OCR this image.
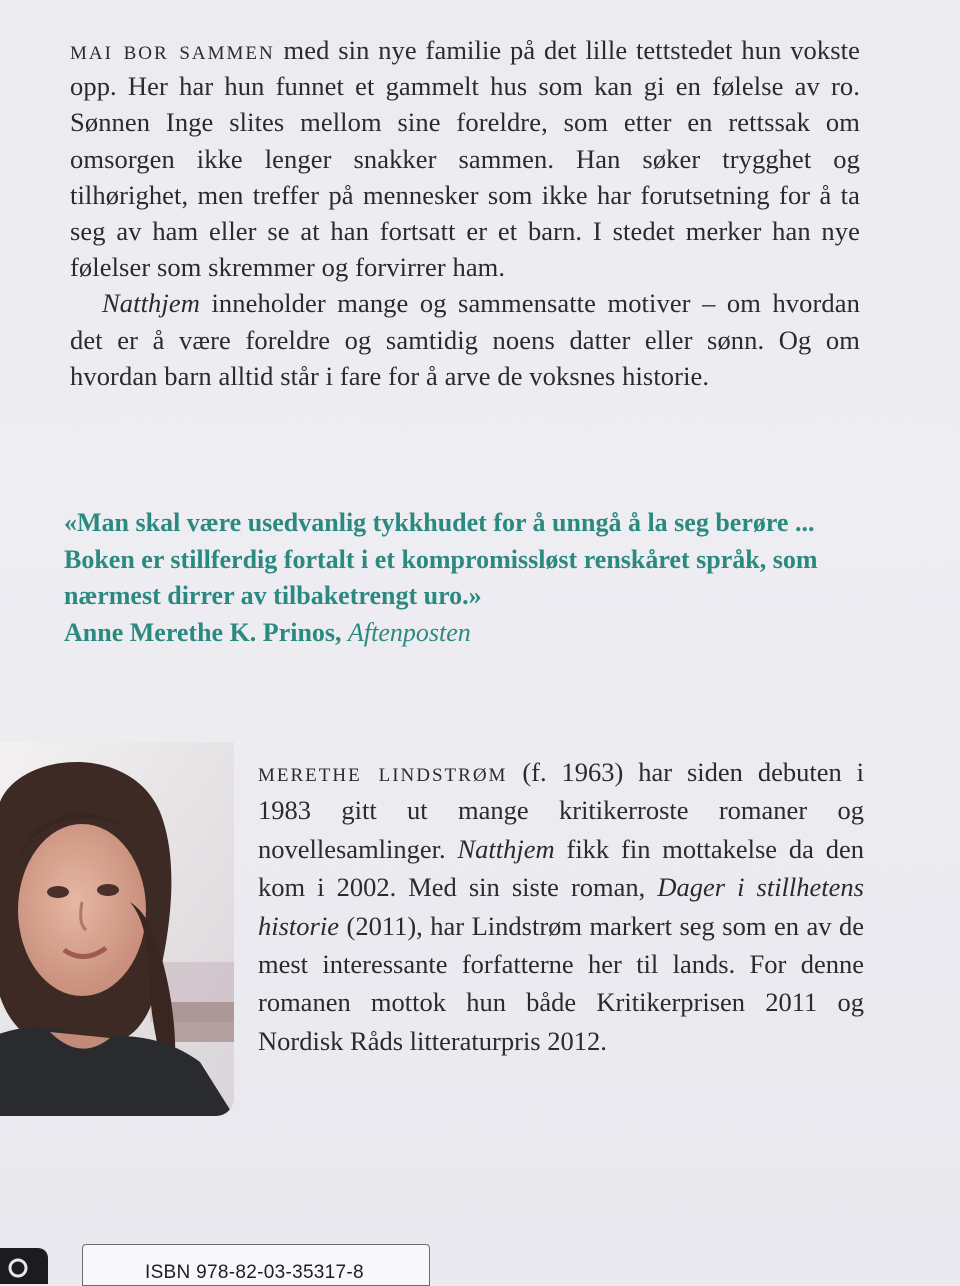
mai bor sammen med sin nye familie på det lille tettstedet hun vokste opp. Her har hun funnet et gammelt hus som kan gi en følelse av ro. Sønnen Inge slites mellom sine foreldre, som etter en rettssak om omsorgen ikke lenger snakker sammen. Han søker trygghet og tilhørighet, men treffer på mennesker som ikke har forutsetning for å ta seg av ham eller se at han fortsatt er et barn. I stedet merker han nye følelser som skremmer og forvirrer ham.

Natthjem inneholder mange og sammensatte motiver – om hvordan det er å være foreldre og samtidig noens datter eller sønn. Og om hvordan barn alltid står i fare for å arve de voksnes historie.

«Man skal være usedvanlig tykkhudet for å unngå å la seg berøre ... Boken er stillferdig fortalt i et kompromissløst renskåret språk, som nærmest dirrer av tilbaketrengt uro.»

Anne Merethe K. Prinos, Aftenposten

merethe lindstrøm (f. 1963) har siden debuten i 1983 gitt ut mange kritikerroste romaner og novellesamlinger. Natthjem fikk fin mottakelse da den kom i 2002. Med sin siste roman, Dager i stillhetens historie (2011), har Lindstrøm markert seg som en av de mest interessante forfatterne her til lands. For denne romanen mottok hun både Kritikerprisen 2011 og Nordisk Råds litteraturpris 2012.

ISBN 978-82-03-35317-8
